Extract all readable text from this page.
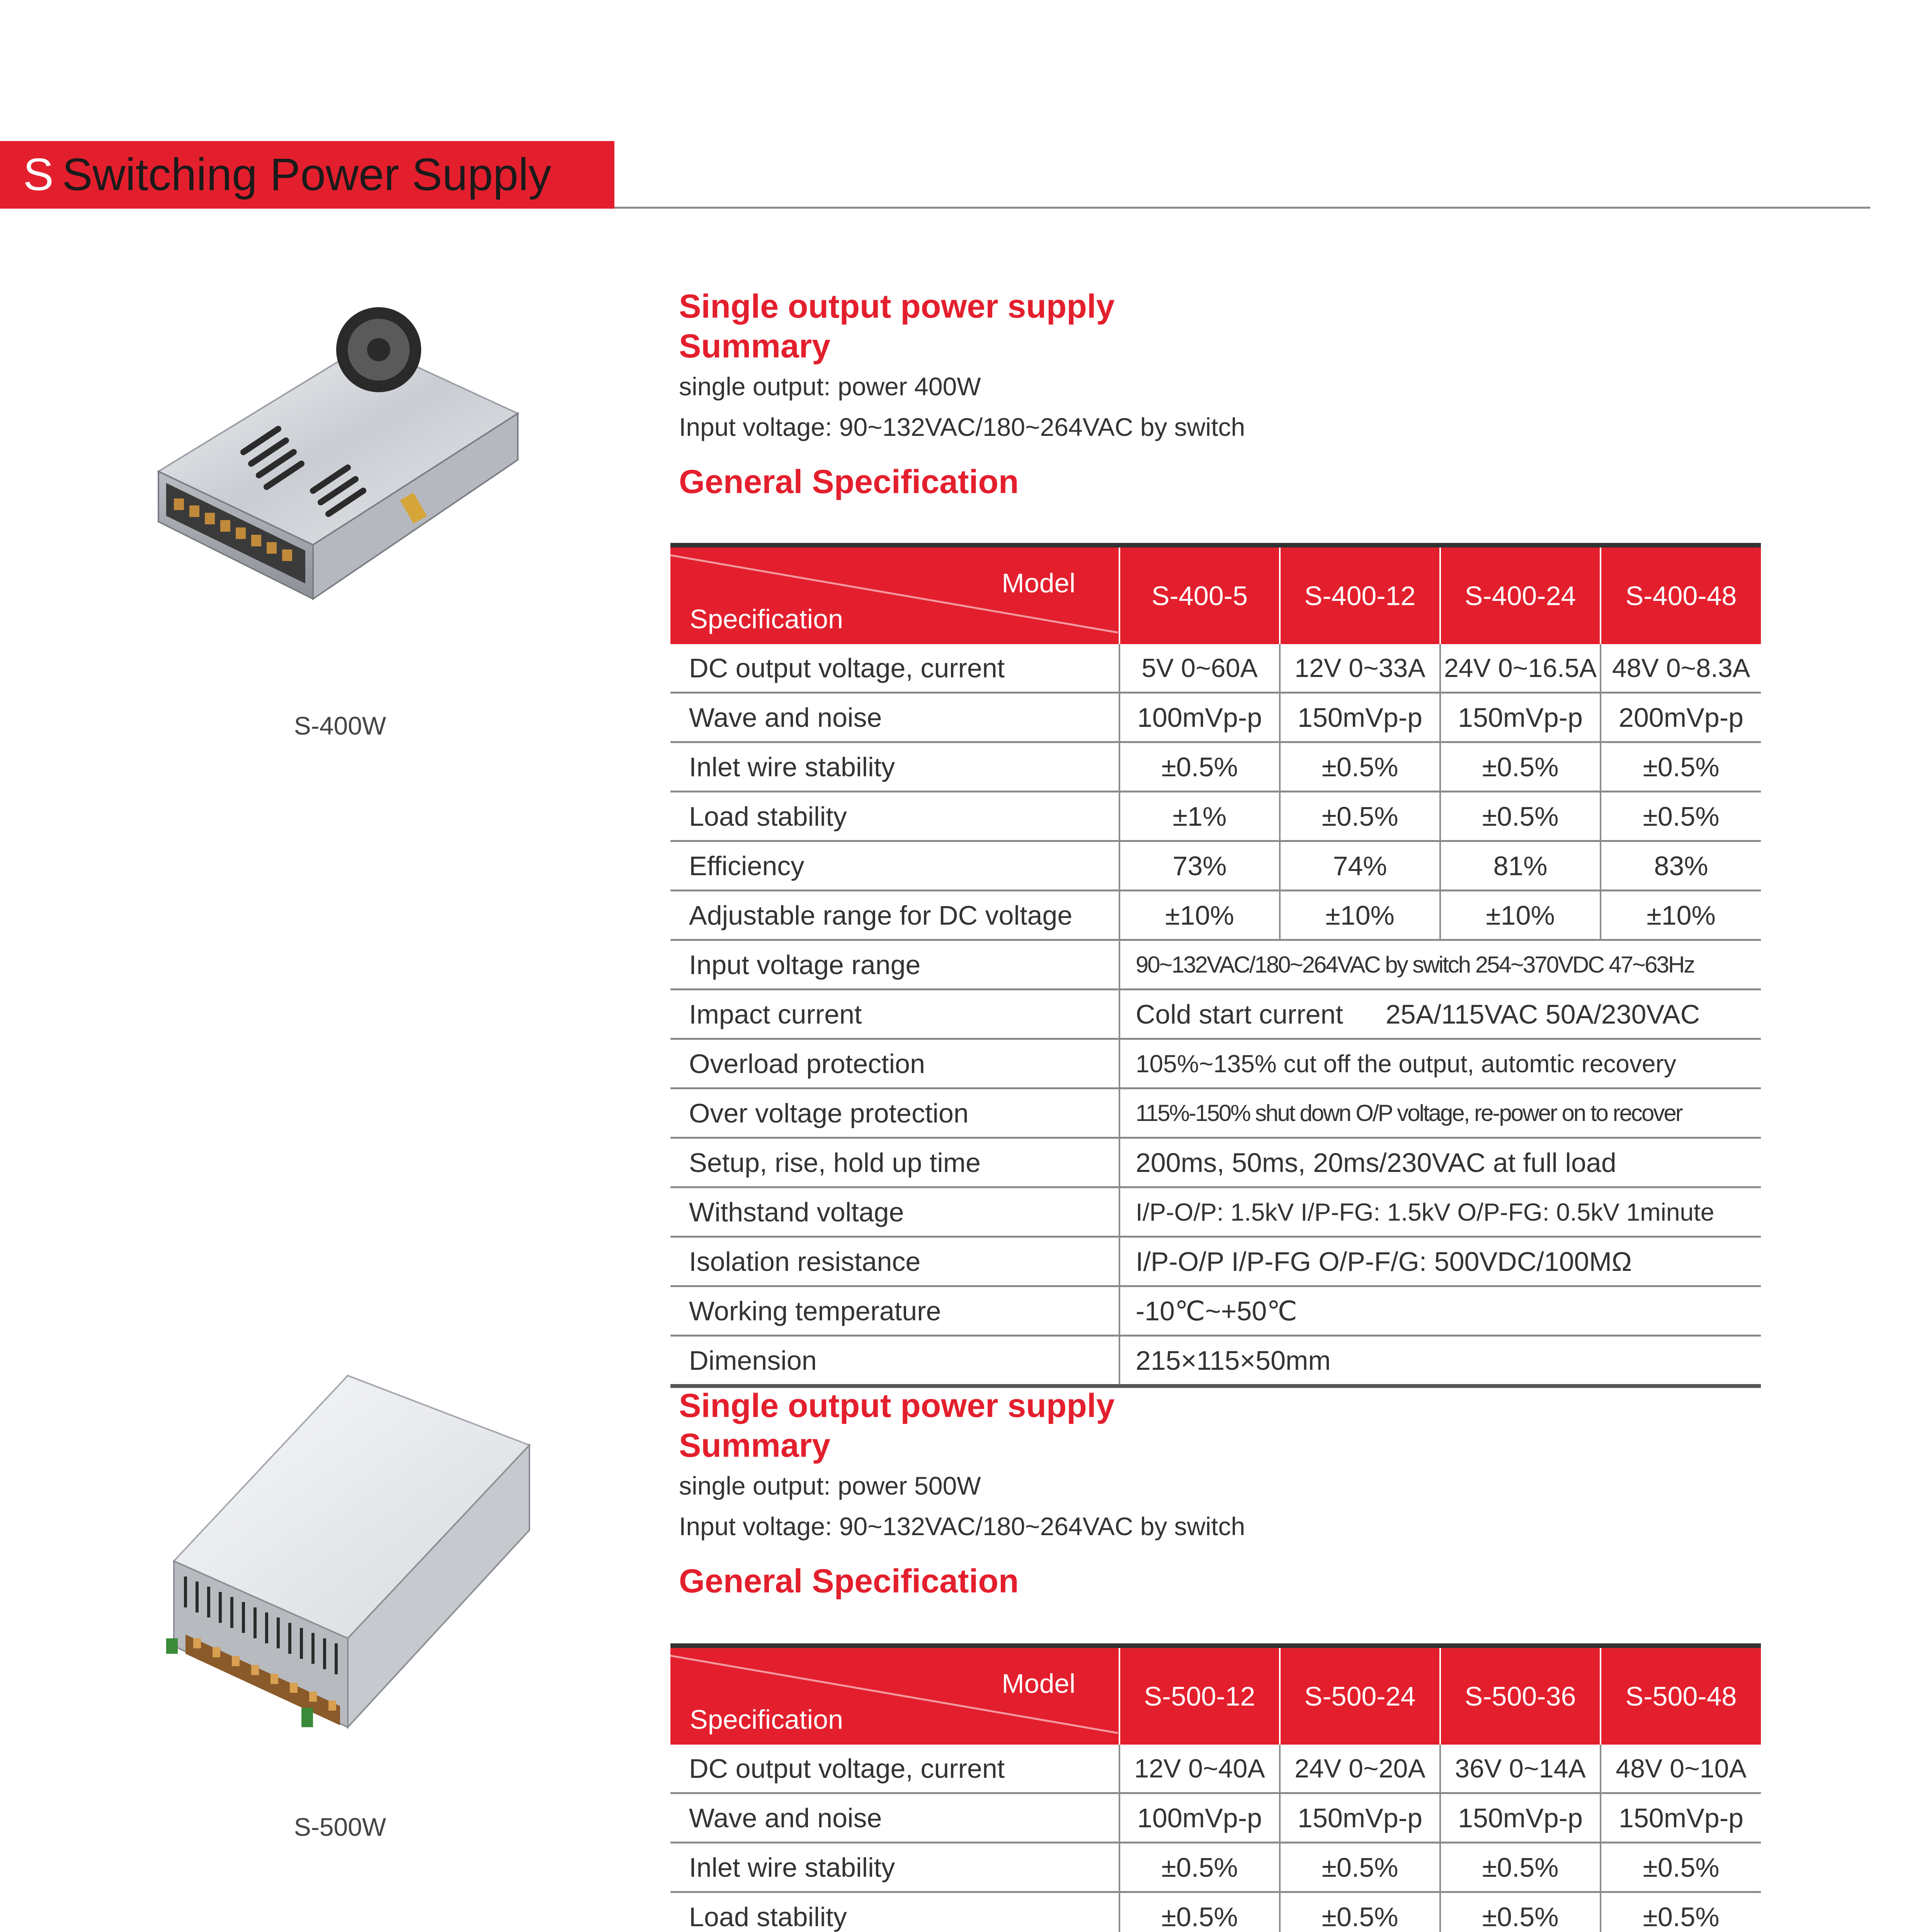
S Switching Power Supply
S-400W
S-500W
Single output power supply
Summary
single output: power 400W
Input voltage: 90~132VAC/180~264VAC by switch
General Specification
Model
Specification	S-400-5	S-400-12	S-400-24	S-400-48
DC output voltage, current	5V 0~60A	12V 0~33A	24V 0~16.5A	48V 0~8.3A
Wave and noise	100mVp-p	150mVp-p	150mVp-p	200mVp-p
Inlet wire stability	±0.5%	±0.5%	±0.5%	±0.5%
Load stability	±1%	±0.5%	±0.5%	±0.5%
Efficiency	73%	74%	81%	83%
Adjustable range for DC voltage	±10%	±10%	±10%	±10%
Input voltage range	90~132VAC/180~264VAC by switch 254~370VDC 47~63Hz			
Impact current	Cold start current 25A/115VAC 50A/230VAC			
Overload protection	105%~135% cut off the output, automtic recovery			
Over voltage protection	115%-150% shut down O/P voltage, re-power on to recover			
Setup, rise, hold up time	200ms, 50ms, 20ms/230VAC at full load			
Withstand voltage	I/P-O/P: 1.5kV I/P-FG: 1.5kV O/P-FG: 0.5kV 1minute			
Isolation resistance	I/P-O/P I/P-FG O/P-F/G: 500VDC/100MΩ			
Working temperature	-10℃~+50℃			
Dimension	215×115×50mm			
Single output power supply
Summary
single output: power 500W
Input voltage: 90~132VAC/180~264VAC by switch
General Specification
Model
Specification	S-500-12	S-500-24	S-500-36	S-500-48
DC output voltage, current	12V 0~40A	24V 0~20A	36V 0~14A	48V 0~10A
Wave and noise	100mVp-p	150mVp-p	150mVp-p	150mVp-p
Inlet wire stability	±0.5%	±0.5%	±0.5%	±0.5%
Load stability	±0.5%	±0.5%	±0.5%	±0.5%
